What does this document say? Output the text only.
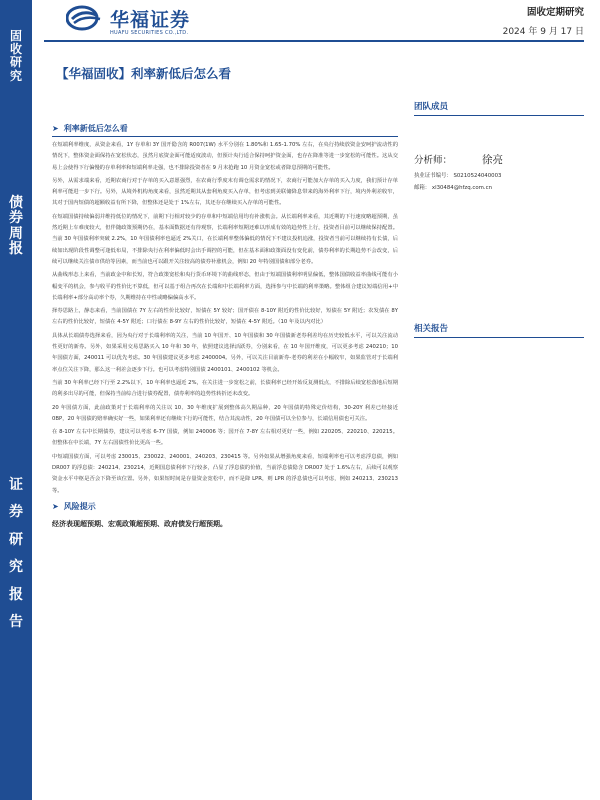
固
收
研
究
债
券
周
报
证
券
研
究
报
告
华福证券
HUAFU SECURITIES CO.,LTD.
固收定期研究
2024 年 9 月 17 日
【华福固收】利率新低后怎么看
➤ 利率新低后怎么看

在短端利率维度，从资金来看，1Y 存单和 3Y 国开隐含的 R007(1W) 水平分别在 1.80%和 1.65-1.70% 左右，在央行持续放资金安呵护流动性的情况下，整体资金面保持在宽松状态，虽然月底资金面可能适度波动，但预计央行适合保持呵护资金面，也存在降准等进一步宽松的可能性。这从交易上会使得下行偏慢的存单利率和短端利率走强，也不排除投资者在 9 月末抢跑 10 月资金宽松或者降息预期的可能性。

另外，从需求端来看，近期农商行对于存单的买入意愿强烈，在农商行季度末有调仓需求的情况下，农商行可能加大存单的买入力度，我们预计存单利率可能进一步下行。另外，从境外机构角度来看，虽然近期其从套利角度买入存单，但考虑到美联储降息带来的海外利率下行，境内外利差收窄，其对于国内短债的超额收益有所下降，但整体还是处于 1%左右，其还存在继续买入存单的可能性。

在短端国债持续偏弱并维持低位的情况下，前期下行相对较少的存单和中短端信用均有补涨机会。从长端利率来看，其近期的下行速度略超预期，虽然近期上车难度较大，但伴随政策预期仍在，基本面数据还有待观察，长端利率短期还难以形成有效的趋势性上行，投资者目前可以继续保持配置。当前 30 年国债利率突破 2.2%，10 年国债利率也逼近 2%关口，在长端利率整体偏低的情况下不建议投机追涨，投资者当前可以继续持有长债，后续如出现阶段性调整可逢低布局，不排除央行在利率偏低时会出手调控的可能，但在基本面和政策面没有变化前，债券利率的长期趋势不会改变，后续可以继续关注债市供给等因素，而当前也可以跟开关注较高的债券补涨机会，例如 20 年特别国债和部分老券。

从曲线形态上来看，当前政金中和长短，符合政策宽松和央行货币环境下的曲线形态，但由于短端国债利率明显偏低，整体国债收益率曲线可能有小幅变平的机会，参与收平的性价比不算低，但可以基于组合再次在长端和中长端利率方面，选择参与中长端的利率策略。整体组合建议短端信用+中长端利率+部分高动率个券，久期维持在中性或略偏偏高水平。

择券思路上，静态来看，当前国债在 7Y 左右的性价比较好，短债在 5Y 较好；国开债在 8-10Y 附近的性价比较好，短债在 5Y 附近；农发债在 8Y 左右的性价比较好，短债在 4-5Y 附近；口行债在 8-9Y 左右的性价比较好，短债在 4-5Y 附近。（10 年及以内对比）

具体从长端债券选择来看，因为央行对于长端利率的关注，当前 10 年国开、10 年国债和 30 年国债新老券利差均在历史较低水平，可以关注流动性更好的新券。另外，如果采用交易思路买入 10 年和 30 年，依照建议选择活跃券，分别来看，在 10 年国开维度，可以更多考虑 240210；10 年国债方面，240011 可以优先考虑。30 年国债建议更多考虑 2400004。另外，可以关注目前新券-老券的利差在小幅收窄，如果监管对于长端利率点位关注下降，那么这一利差会逐步下行。也可以考虑特别国债 2400101、2400102 等机会。

当前 30 年利率已经下行至 2.2%以下，10 年利率也逼近 2%，在关注进一步宽松之前，长债利率已经开始反复测低点，不排除后续宽松落地后短期的利多出尽的可能，但保持当前综合进行债券配置，债券利率的趋势性转折还未改变。

20 年国债方面，此前政策对于长端利率的关注以 10、30 年维度扩展到整体高久期品种，20 年国债的特殊定价结构，30-20Y 利差已经接近 0BP，20 年国债的赔率确实好一些，如果利率还有继续下行的可能性，结合其流动性，20 年国债可以全位参与，长端信用债也可关注。

在 8-10Y 左右中长期债券，建议可以考虑 6-7Y 国债，例如 240006 等；国开在 7-8Y 左右相对更好一些，例如 220205、220210、220215。但整体在中长端，7Y 左右国债性价比更高一些。

中短端国债方面，可以考虑 230015、230022、240001、240203、230415 等。另外如果从增强角度来看，短端利率也可以考虑浮息债，例如 DR007 的浮息债：240214、230214，近期国息债利率下行较多，凸显了浮息债的价值，当前浮息债隐含 DR007 处于 1.6%左右，后续可以观察资金水平中枢是否会下降至该位置。另外，如果短时间是存量资金宽松中，而不是降 LPR，则 LPR 的浮息债也可以考虑，例如 240213、230213 等。

➤ 风险提示
经济表现超预期、宏观政策超预期、政府债发行超预期。
团队成员
分析师：	徐亮
执业证书编号： S0210524040003
邮箱： xl30484@hfzq.com.cn
相关报告
